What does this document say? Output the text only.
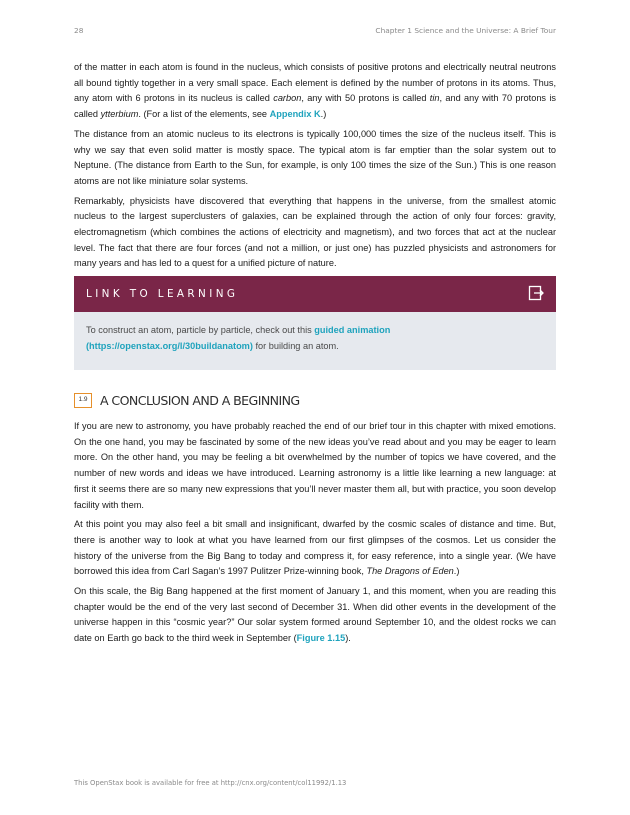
28	Chapter 1 Science and the Universe: A Brief Tour

of the matter in each atom is found in the nucleus, which consists of positive protons and electrically neutral neutrons all bound tightly together in a very small space. Each element is defined by the number of protons in its atoms. Thus, any atom with 6 protons in its nucleus is called carbon, any with 50 protons is called tin, and any with 70 protons is called ytterbium. (For a list of the elements, see Appendix K.)

The distance from an atomic nucleus to its electrons is typically 100,000 times the size of the nucleus itself. This is why we say that even solid matter is mostly space. The typical atom is far emptier than the solar system out to Neptune. (The distance from Earth to the Sun, for example, is only 100 times the size of the Sun.) This is one reason atoms are not like miniature solar systems.

Remarkably, physicists have discovered that everything that happens in the universe, from the smallest atomic nucleus to the largest superclusters of galaxies, can be explained through the action of only four forces: gravity, electromagnetism (which combines the actions of electricity and magnetism), and two forces that act at the nuclear level. The fact that there are four forces (and not a million, or just one) has puzzled physicists and astronomers for many years and has led to a quest for a unified picture of nature.

LINK TO LEARNING

To construct an atom, particle by particle, check out this guided animation (https://openstax.org/l/30buildanatom) for building an atom.

1.9 A CONCLUSION AND A BEGINNING

If you are new to astronomy, you have probably reached the end of our brief tour in this chapter with mixed emotions. On the one hand, you may be fascinated by some of the new ideas you’ve read about and you may be eager to learn more. On the other hand, you may be feeling a bit overwhelmed by the number of topics we have covered, and the number of new words and ideas we have introduced. Learning astronomy is a little like learning a new language: at first it seems there are so many new expressions that you’ll never master them all, but with practice, you soon develop facility with them.

At this point you may also feel a bit small and insignificant, dwarfed by the cosmic scales of distance and time. But, there is another way to look at what you have learned from our first glimpses of the cosmos. Let us consider the history of the universe from the Big Bang to today and compress it, for easy reference, into a single year. (We have borrowed this idea from Carl Sagan’s 1997 Pulitzer Prize-winning book, The Dragons of Eden.)

On this scale, the Big Bang happened at the first moment of January 1, and this moment, when you are reading this chapter would be the end of the very last second of December 31. When did other events in the development of the universe happen in this “cosmic year?” Our solar system formed around September 10, and the oldest rocks we can date on Earth go back to the third week in September (Figure 1.15).

This OpenStax book is available for free at http://cnx.org/content/col11992/1.13
